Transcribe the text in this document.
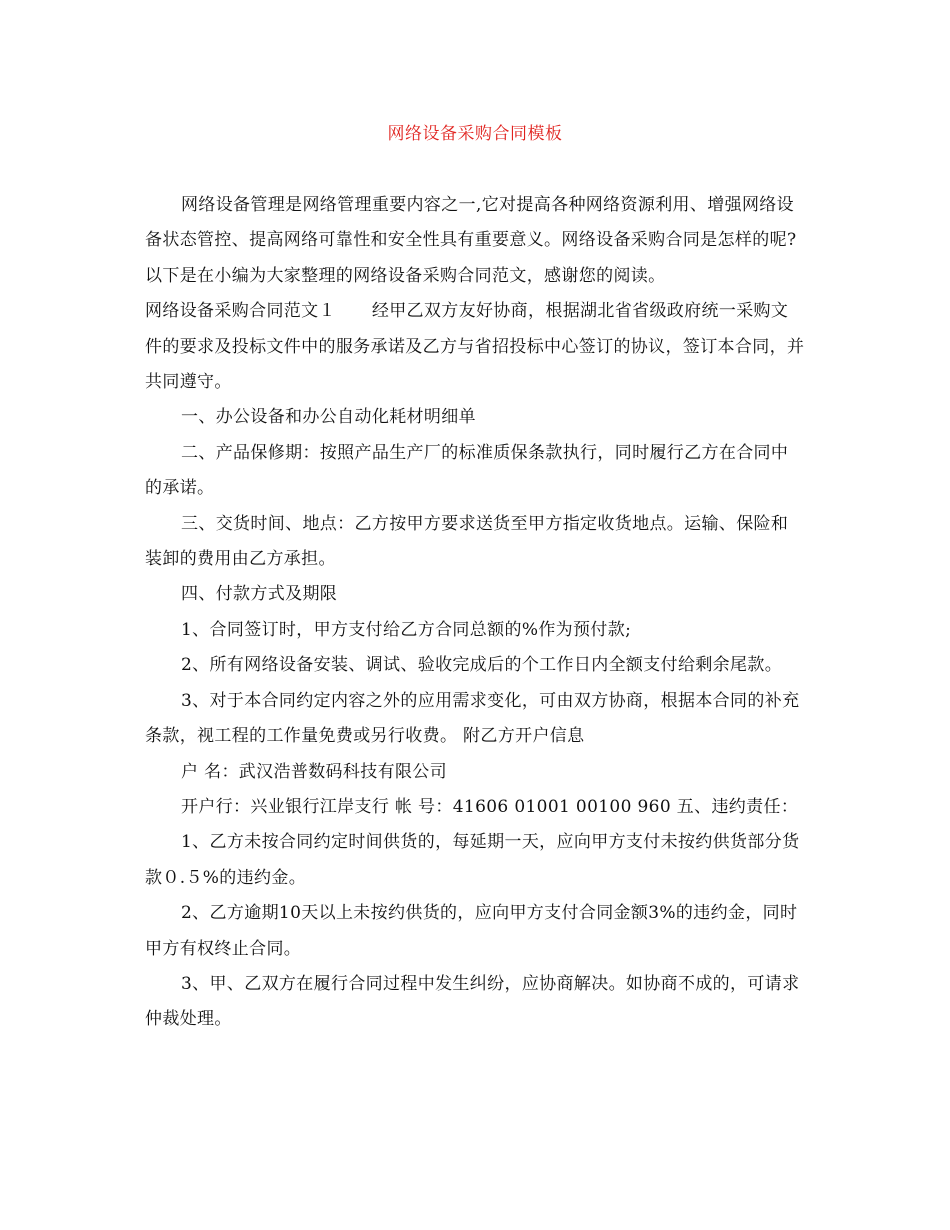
网络设备采购合同模板

网络设备管理是网络管理重要内容之一,它对提高各种网络资源利用、增强网络设备状态管控、提高网络可靠性和安全性具有重要意义。网络设备采购合同是怎样的呢?以下是在小编为大家整理的网络设备采购合同范文，感谢您的阅读。

网络设备采购合同范文１ 经甲乙双方友好协商，根据湖北省省级政府统一采购文件的要求及投标文件中的服务承诺及乙方与省招投标中心签订的协议，签订本合同，并共同遵守。

一、办公设备和办公自动化耗材明细单

二、产品保修期：按照产品生产厂的标准质保条款执行，同时履行乙方在合同中的承诺。

三、交货时间、地点：乙方按甲方要求送货至甲方指定收货地点。运输、保险和装卸的费用由乙方承担。

四、付款方式及期限

1、合同签订时，甲方支付给乙方合同总额的%作为预付款;

2、所有网络设备安装、调试、验收完成后的个工作日内全额支付给剩余尾款。

3、对于本合同约定内容之外的应用需求变化，可由双方协商，根据本合同的补充条款，视工程的工作量免费或另行收费。 附乙方开户信息

户 名：武汉浩普数码科技有限公司

开户行：兴业银行江岸支行 帐 号：41606 01001 00100 960 五、违约责任：

1、乙方未按合同约定时间供货的，每延期一天，应向甲方支付未按约供货部分货款０.５%的违约金。

2、乙方逾期10天以上未按约供货的，应向甲方支付合同金额3%的违约金，同时甲方有权终止合同。

3、甲、乙双方在履行合同过程中发生纠纷，应协商解决。如协商不成的，可请求仲裁处理。
